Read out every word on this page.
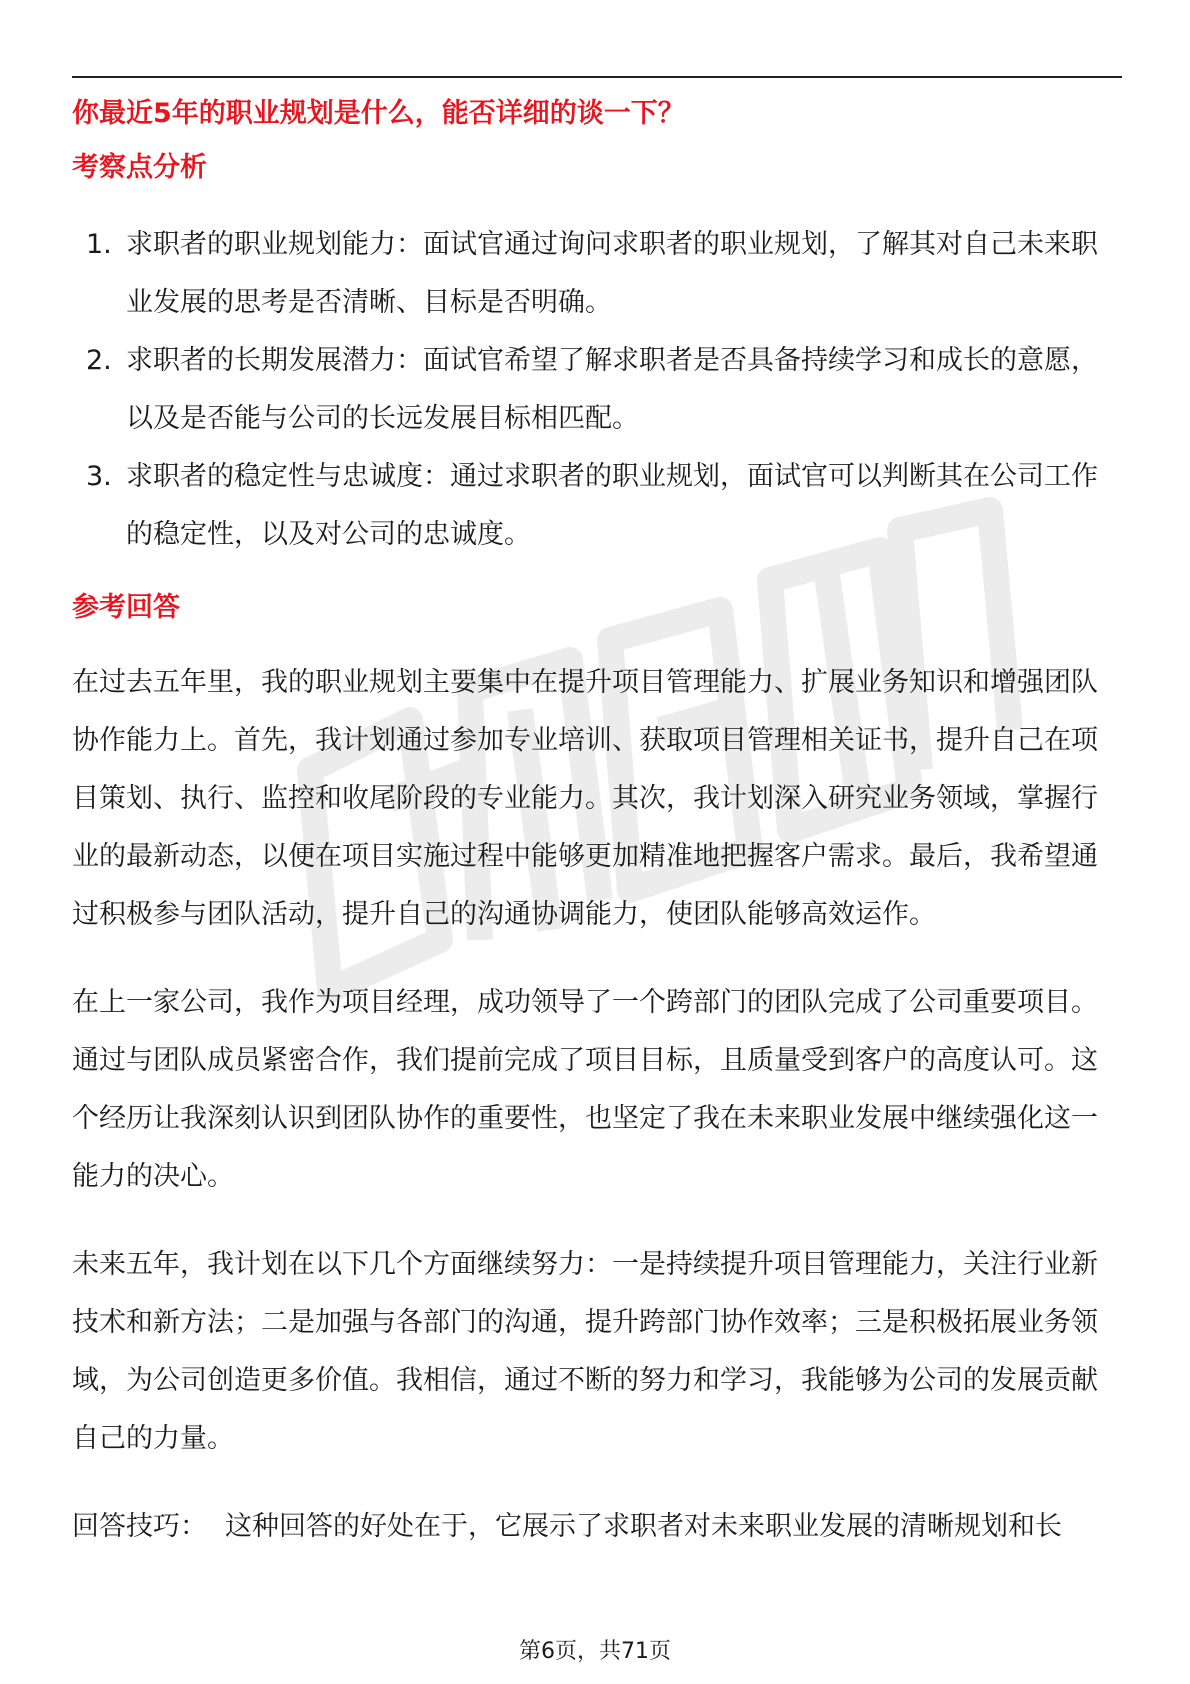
你最近5年的职业规划是什么，能否详细的谈一下？

考察点分析

1. 求职者的职业规划能力：面试官通过询问求职者的职业规划，了解其对自己未来职业发展的思考是否清晰、目标是否明确。
2. 求职者的长期发展潜力：面试官希望了解求职者是否具备持续学习和成长的意愿，以及是否能与公司的长远发展目标相匹配。
3. 求职者的稳定性与忠诚度：通过求职者的职业规划，面试官可以判断其在公司工作的稳定性，以及对公司的忠诚度。

参考回答

在过去五年里，我的职业规划主要集中在提升项目管理能力、扩展业务知识和增强团队协作能力上。首先，我计划通过参加专业培训、获取项目管理相关证书，提升自己在项目策划、执行、监控和收尾阶段的专业能力。其次，我计划深入研究业务领域，掌握行业的最新动态，以便在项目实施过程中能够更加精准地把握客户需求。最后，我希望通过积极参与团队活动，提升自己的沟通协调能力，使团队能够高效运作。

在上一家公司，我作为项目经理，成功领导了一个跨部门的团队完成了公司重要项目。通过与团队成员紧密合作，我们提前完成了项目目标，且质量受到客户的高度认可。这个经历让我深刻认识到团队协作的重要性，也坚定了我在未来职业发展中继续强化这一能力的决心。

未来五年，我计划在以下几个方面继续努力：一是持续提升项目管理能力，关注行业新技术和新方法；二是加强与各部门的沟通，提升跨部门协作效率；三是积极拓展业务领域，为公司创造更多价值。我相信，通过不断的努力和学习，我能够为公司的发展贡献自己的力量。

回答技巧： 这种回答的好处在于，它展示了求职者对未来职业发展的清晰规划和长

第6页，共71页
